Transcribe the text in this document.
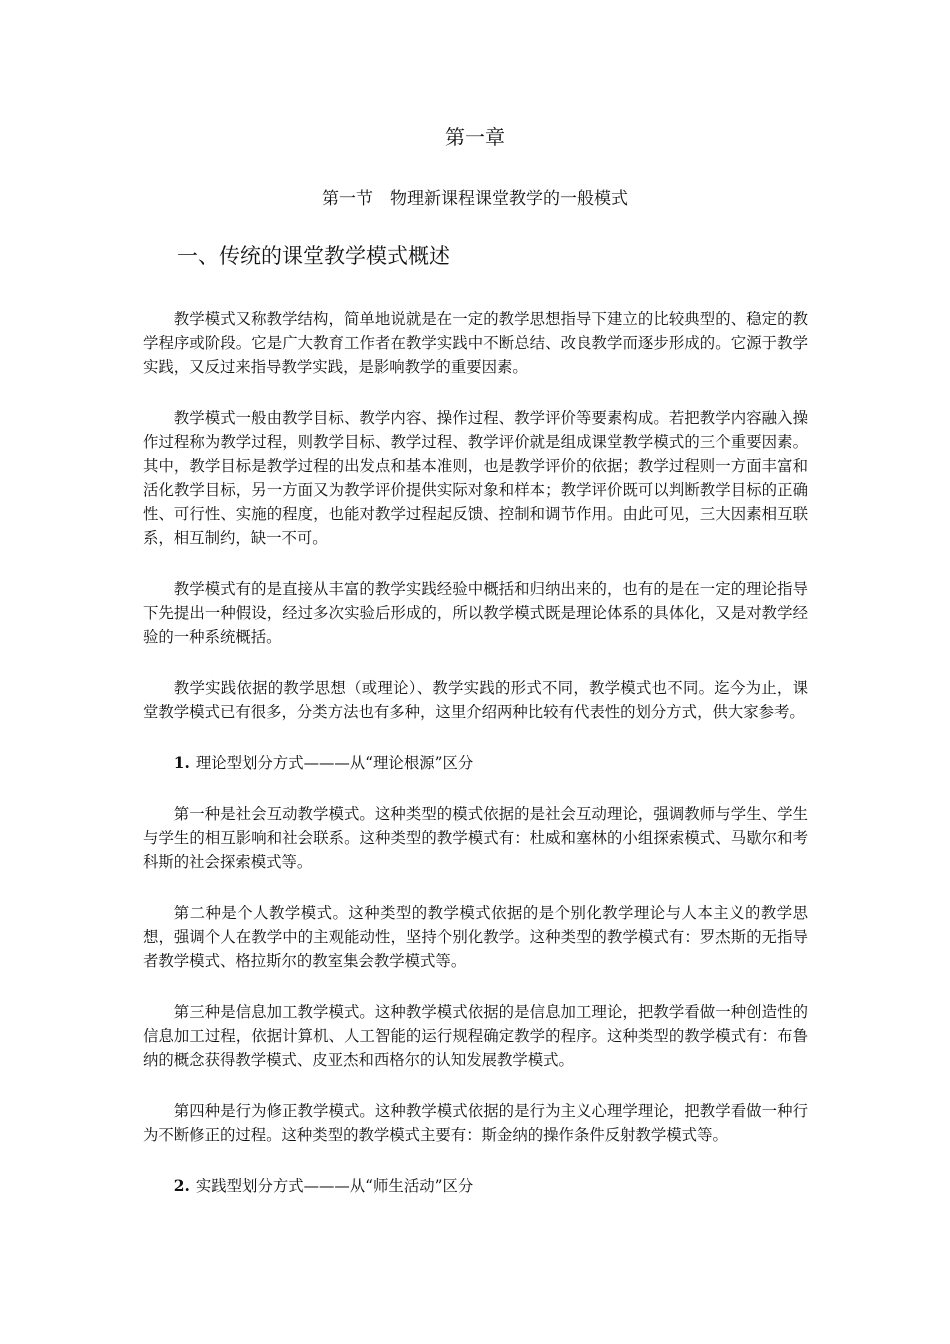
第一章
第一节　物理新课程课堂教学的一般模式
一、传统的课堂教学模式概述

教学模式又称教学结构，简单地说就是在一定的教学思想指导下建立的比较典型的、稳定的教学程序或阶段。它是广大教育工作者在教学实践中不断总结、改良教学而逐步形成的。它源于教学实践，又反过来指导教学实践，是影响教学的重要因素。

教学模式一般由教学目标、教学内容、操作过程、教学评价等要素构成。若把教学内容融入操作过程称为教学过程，则教学目标、教学过程、教学评价就是组成课堂教学模式的三个重要因素。其中，教学目标是教学过程的出发点和基本准则，也是教学评价的依据；教学过程则一方面丰富和活化教学目标，另一方面又为教学评价提供实际对象和样本；教学评价既可以判断教学目标的正确性、可行性、实施的程度，也能对教学过程起反馈、控制和调节作用。由此可见，三大因素相互联系，相互制约，缺一不可。

教学模式有的是直接从丰富的教学实践经验中概括和归纳出来的，也有的是在一定的理论指导下先提出一种假设，经过多次实验后形成的，所以教学模式既是理论体系的具体化，又是对教学经验的一种系统概括。

教学实践依据的教学思想（或理论）、教学实践的形式不同，教学模式也不同。迄今为止，课堂教学模式已有很多，分类方法也有多种，这里介绍两种比较有代表性的划分方式，供大家参考。

1. 理论型划分方式———从“理论根源”区分

第一种是社会互动教学模式。这种类型的模式依据的是社会互动理论，强调教师与学生、学生与学生的相互影响和社会联系。这种类型的教学模式有：杜威和塞林的小组探索模式、马歇尔和考科斯的社会探索模式等。

第二种是个人教学模式。这种类型的教学模式依据的是个别化教学理论与人本主义的教学思想，强调个人在教学中的主观能动性，坚持个别化教学。这种类型的教学模式有：罗杰斯的无指导者教学模式、格拉斯尔的教室集会教学模式等。

第三种是信息加工教学模式。这种教学模式依据的是信息加工理论，把教学看做一种创造性的信息加工过程，依据计算机、人工智能的运行规程确定教学的程序。这种类型的教学模式有：布鲁纳的概念获得教学模式、皮亚杰和西格尔的认知发展教学模式。

第四种是行为修正教学模式。这种教学模式依据的是行为主义心理学理论，把教学看做一种行为不断修正的过程。这种类型的教学模式主要有：斯金纳的操作条件反射教学模式等。

2. 实践型划分方式———从“师生活动”区分
